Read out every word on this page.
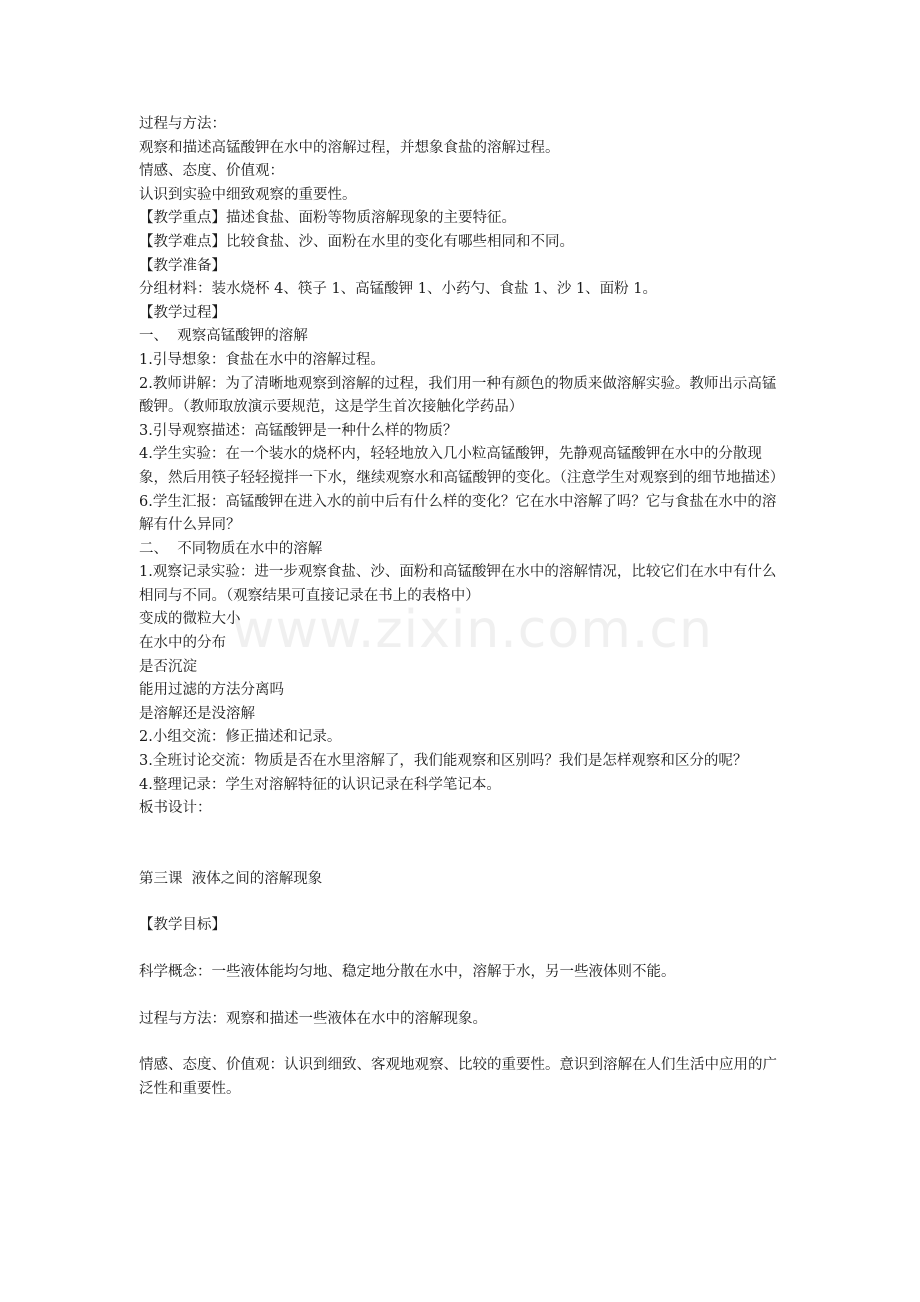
www.zixin.com.cn

过程与方法：

观察和描述高锰酸钾在水中的溶解过程，并想象食盐的溶解过程。

情感、态度、价值观：

认识到实验中细致观察的重要性。

【教学重点】描述食盐、面粉等物质溶解现象的主要特征。

【教学难点】比较食盐、沙、面粉在水里的变化有哪些相同和不同。

【教学准备】

分组材料：装水烧杯 4、筷子 1、高锰酸钾 1、小药勺、食盐 1、沙 1、面粉 1。

【教学过程】

一、  观察高锰酸钾的溶解

1.引导想象：食盐在水中的溶解过程。

2.教师讲解：为了清晰地观察到溶解的过程，我们用一种有颜色的物质来做溶解实验。教师出示高锰酸钾。（教师取放演示要规范，这是学生首次接触化学药品）

3.引导观察描述：高锰酸钾是一种什么样的物质？

4.学生实验：在一个装水的烧杯内，轻轻地放入几小粒高锰酸钾，先静观高锰酸钾在水中的分散现象，然后用筷子轻轻搅拌一下水，继续观察水和高锰酸钾的变化。（注意学生对观察到的细节地描述）

6.学生汇报：高锰酸钾在进入水的前中后有什么样的变化？它在水中溶解了吗？它与食盐在水中的溶解有什么异同？

二、  不同物质在水中的溶解

1.观察记录实验：进一步观察食盐、沙、面粉和高锰酸钾在水中的溶解情况，比较它们在水中有什么相同与不同。（观察结果可直接记录在书上的表格中）

变成的微粒大小

在水中的分布

是否沉淀

能用过滤的方法分离吗

是溶解还是没溶解

2.小组交流：修正描述和记录。

3.全班讨论交流：物质是否在水里溶解了，我们能观察和区别吗？我们是怎样观察和区分的呢？

4.整理记录：学生对溶解特征的认识记录在科学笔记本。

板书设计：

第三课  液体之间的溶解现象

【教学目标】

科学概念：一些液体能均匀地、稳定地分散在水中，溶解于水，另一些液体则不能。

过程与方法：观察和描述一些液体在水中的溶解现象。

情感、态度、价值观：认识到细致、客观地观察、比较的重要性。意识到溶解在人们生活中应用的广泛性和重要性。
